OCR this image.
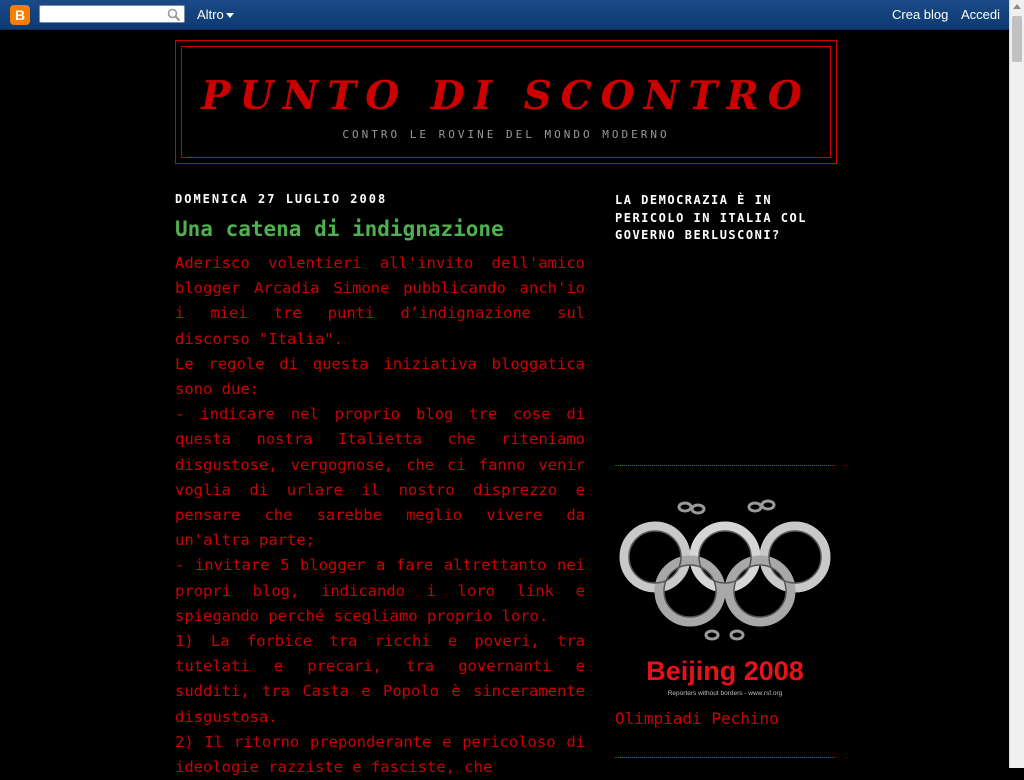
B	Altro	Crea blog Accedi
PUNTO DI SCONTRO
CONTRO LE ROVINE DEL MONDO MODERNO
DOMENICA 27 LUGLIO 2008
Una catena di indignazione

Aderisco volentieri all'invito dell'amico blogger Arcadia Simone pubblicando anch'io i miei tre punti d’indignazione sul discorso "Italia".

Le regole di questa iniziativa bloggatica sono due:

- indicare nel proprio blog tre cose di questa nostra Italietta che riteniamo disgustose, vergognose, che ci fanno venir voglia di urlare il nostro disprezzo e pensare che sarebbe meglio vivere da un'altra parte;

- invitare 5 blogger a fare altrettanto nei propri blog, indicando i loro link e spiegando perché scegliamo proprio loro.

1) La forbice tra ricchi e poveri, tra tutelati e precari, tra governanti e sudditi, tra Casta e Popolo è sinceramente disgustosa.

2) Il ritorno preponderante e pericoloso di ideologie razziste e fasciste, che

LA DEMOCRAZIA È IN PERICOLO IN ITALIA COL GOVERNO BERLUSCONI?
Beijing 2008
Reporters without borders - www.rsf.org
Olimpiadi Pechino
